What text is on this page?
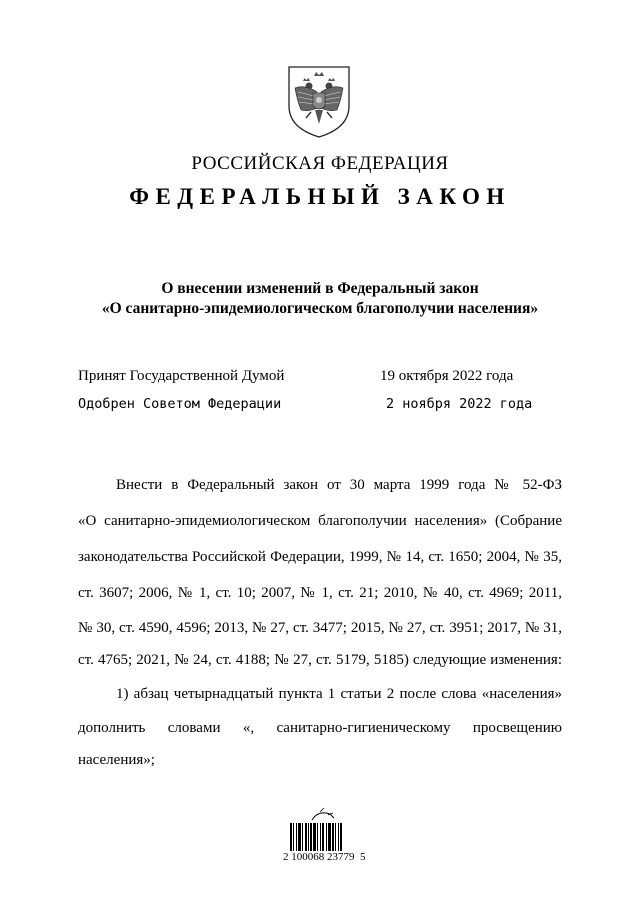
РОССИЙСКАЯ ФЕДЕРАЦИЯ
ФЕДЕРАЛЬНЫЙ ЗАКОН
О внесении изменений в Федеральный закон
«О санитарно-эпидемиологическом благополучии населения»
Принят Государственной Думой	19 октября 2022 года
Одобрен Советом Федерации	2 ноября 2022 года
Внести в Федеральный закон от 30 марта 1999 года № 52-ФЗ
«О санитарно-эпидемиологическом благополучии населения» (Собрание
законодательства Российской Федерации, 1999, № 14, ст. 1650; 2004, № 35,
ст. 3607; 2006, № 1, ст. 10; 2007, № 1, ст. 21; 2010, № 40, ст. 4969; 2011,
№ 30, ст. 4590, 4596; 2013, № 27, ст. 3477; 2015, № 27, ст. 3951; 2017, № 31,
ст. 4765; 2021, № 24, ст. 4188; № 27, ст. 5179, 5185) следующие изменения:
1) абзац четырнадцатый пункта 1 статьи 2 после слова «населения»
дополнить словами «, санитарно-гигиеническому просвещению
населения»;
2 100068 23779  5
